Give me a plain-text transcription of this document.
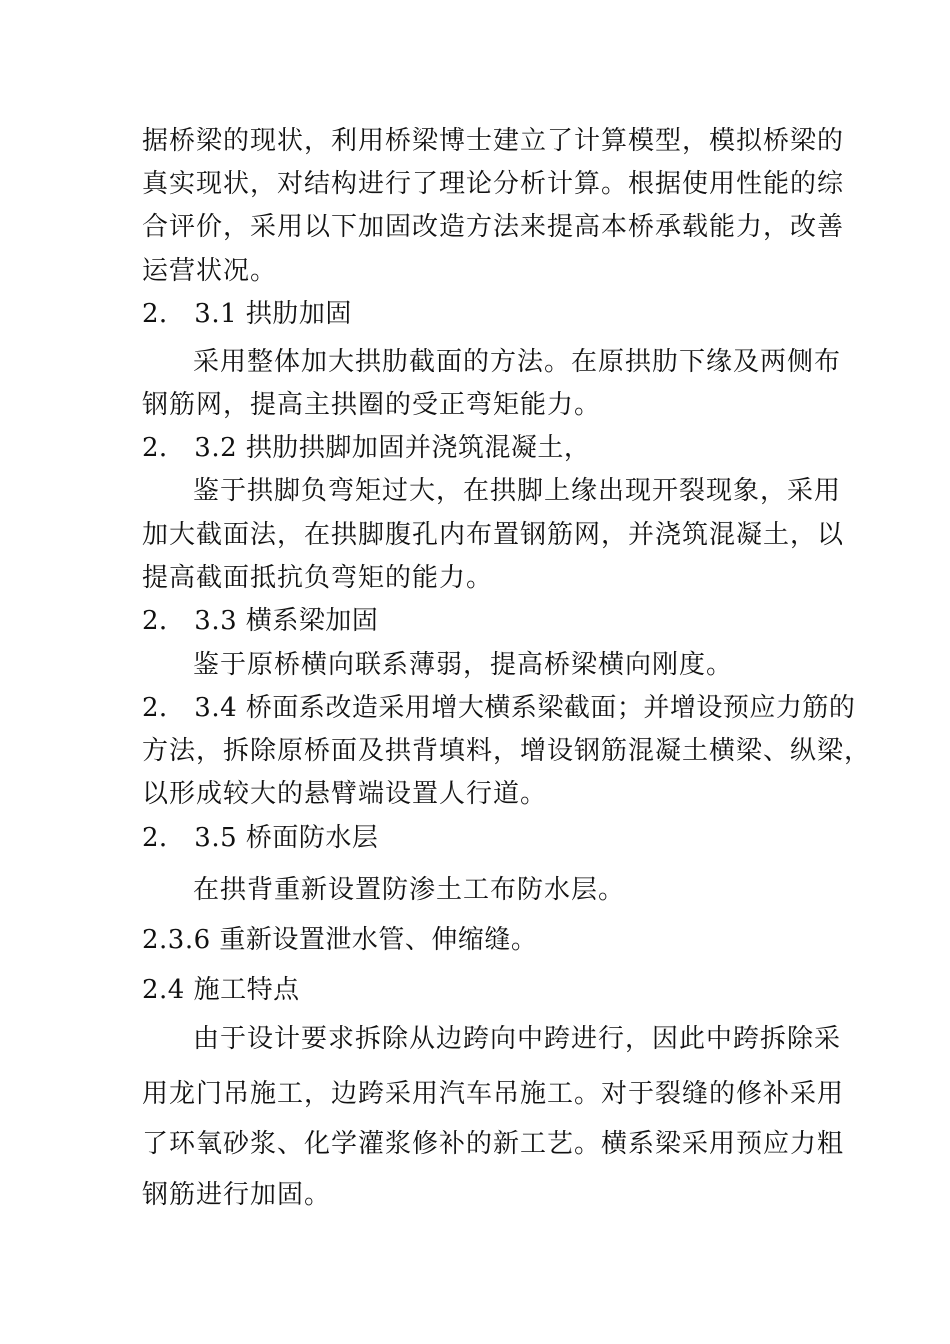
据桥梁的现状，利用桥梁博士建立了计算模型，模拟桥梁的
真实现状，对结构进行了理论分析计算。根据使用性能的综
合评价，采用以下加固改造方法来提高本桥承载能力，改善
运营状况。
2． 3.1 拱肋加固
采用整体加大拱肋截面的方法。在原拱肋下缘及两侧布
钢筋网，提高主拱圈的受正弯矩能力。
2． 3.2 拱肋拱脚加固并浇筑混凝土，
鉴于拱脚负弯矩过大，在拱脚上缘出现开裂现象，采用
加大截面法，在拱脚腹孔内布置钢筋网，并浇筑混凝土，以
提高截面抵抗负弯矩的能力。
2． 3.3 横系梁加固
鉴于原桥横向联系薄弱，提高桥梁横向刚度。
2． 3.4 桥面系改造采用增大横系梁截面；并增设预应力筋的
方法，拆除原桥面及拱背填料，增设钢筋混凝土横梁、纵梁，
以形成较大的悬臂端设置人行道。
2． 3.5 桥面防水层
在拱背重新设置防渗土工布防水层。
2.3.6 重新设置泄水管、伸缩缝。
2.4 施工特点
由于设计要求拆除从边跨向中跨进行，因此中跨拆除采
用龙门吊施工，边跨采用汽车吊施工。对于裂缝的修补采用
了环氧砂浆、化学灌浆修补的新工艺。横系梁采用预应力粗
钢筋进行加固。
